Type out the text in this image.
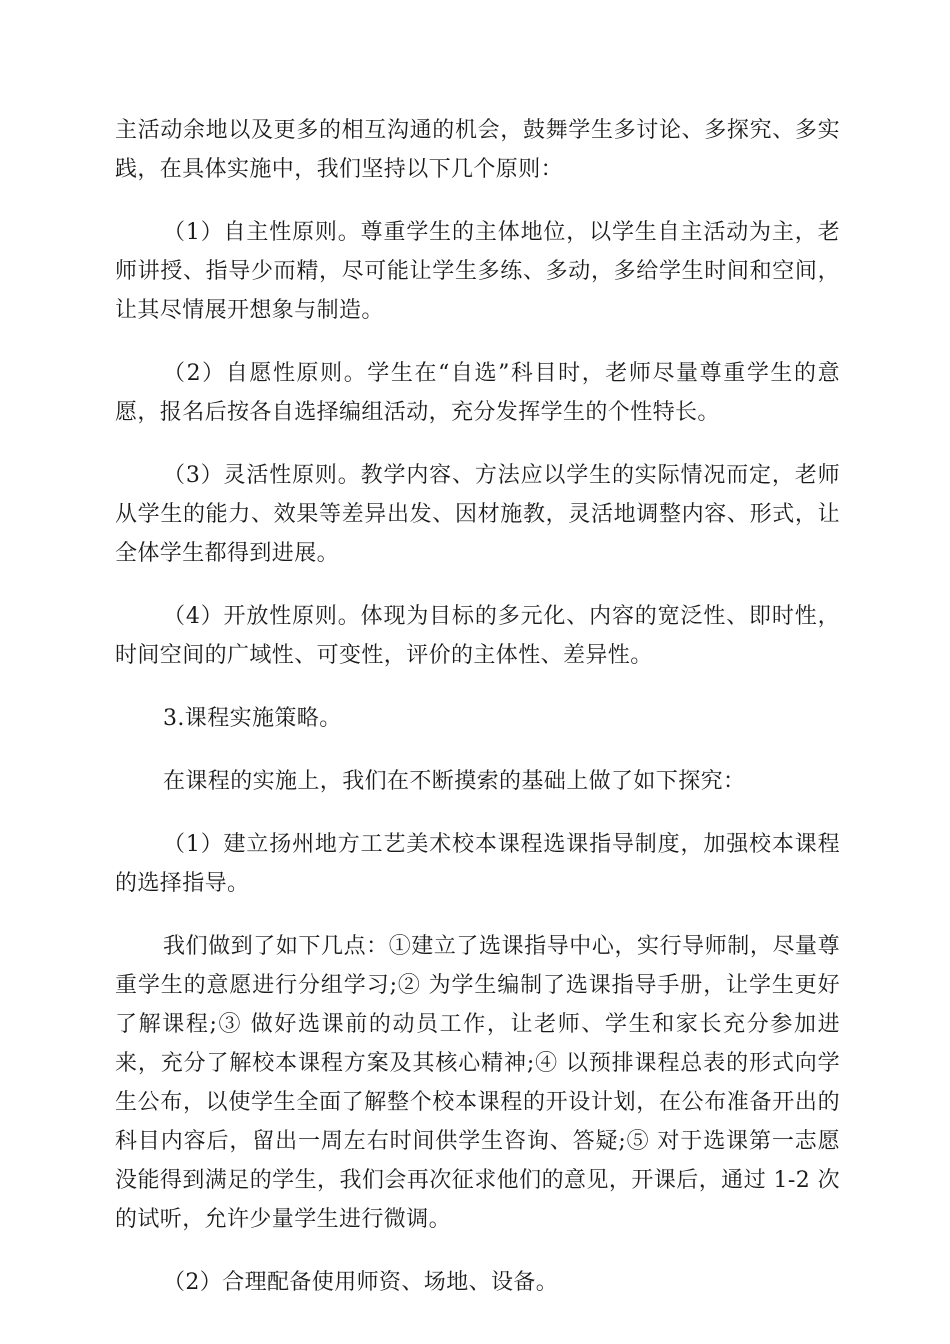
主活动余地以及更多的相互沟通的机会，鼓舞学生多讨论、多探究、多实践，在具体实施中，我们坚持以下几个原则：

（1）自主性原则。尊重学生的主体地位，以学生自主活动为主，老师讲授、指导少而精，尽可能让学生多练、多动，多给学生时间和空间，让其尽情展开想象与制造。

（2）自愿性原则。学生在“自选”科目时，老师尽量尊重学生的意愿，报名后按各自选择编组活动，充分发挥学生的个性特长。

（3）灵活性原则。教学内容、方法应以学生的实际情况而定，老师从学生的能力、效果等差异出发、因材施教，灵活地调整内容、形式，让全体学生都得到进展。

（4）开放性原则。体现为目标的多元化、内容的宽泛性、即时性，时间空间的广域性、可变性，评价的主体性、差异性。

3.课程实施策略。

在课程的实施上，我们在不断摸索的基础上做了如下探究：

（1）建立扬州地方工艺美术校本课程选课指导制度，加强校本课程的选择指导。

我们做到了如下几点：①建立了选课指导中心，实行导师制，尽量尊重学生的意愿进行分组学习;② 为学生编制了选课指导手册，让学生更好了解课程;③ 做好选课前的动员工作，让老师、学生和家长充分参加进来，充分了解校本课程方案及其核心精神;④ 以预排课程总表的形式向学生公布，以使学生全面了解整个校本课程的开设计划，在公布准备开出的科目内容后，留出一周左右时间供学生咨询、答疑;⑤ 对于选课第一志愿没能得到满足的学生，我们会再次征求他们的意见，开课后，通过 1-2 次的试听，允许少量学生进行微调。

（2）合理配备使用师资、场地、设备。
